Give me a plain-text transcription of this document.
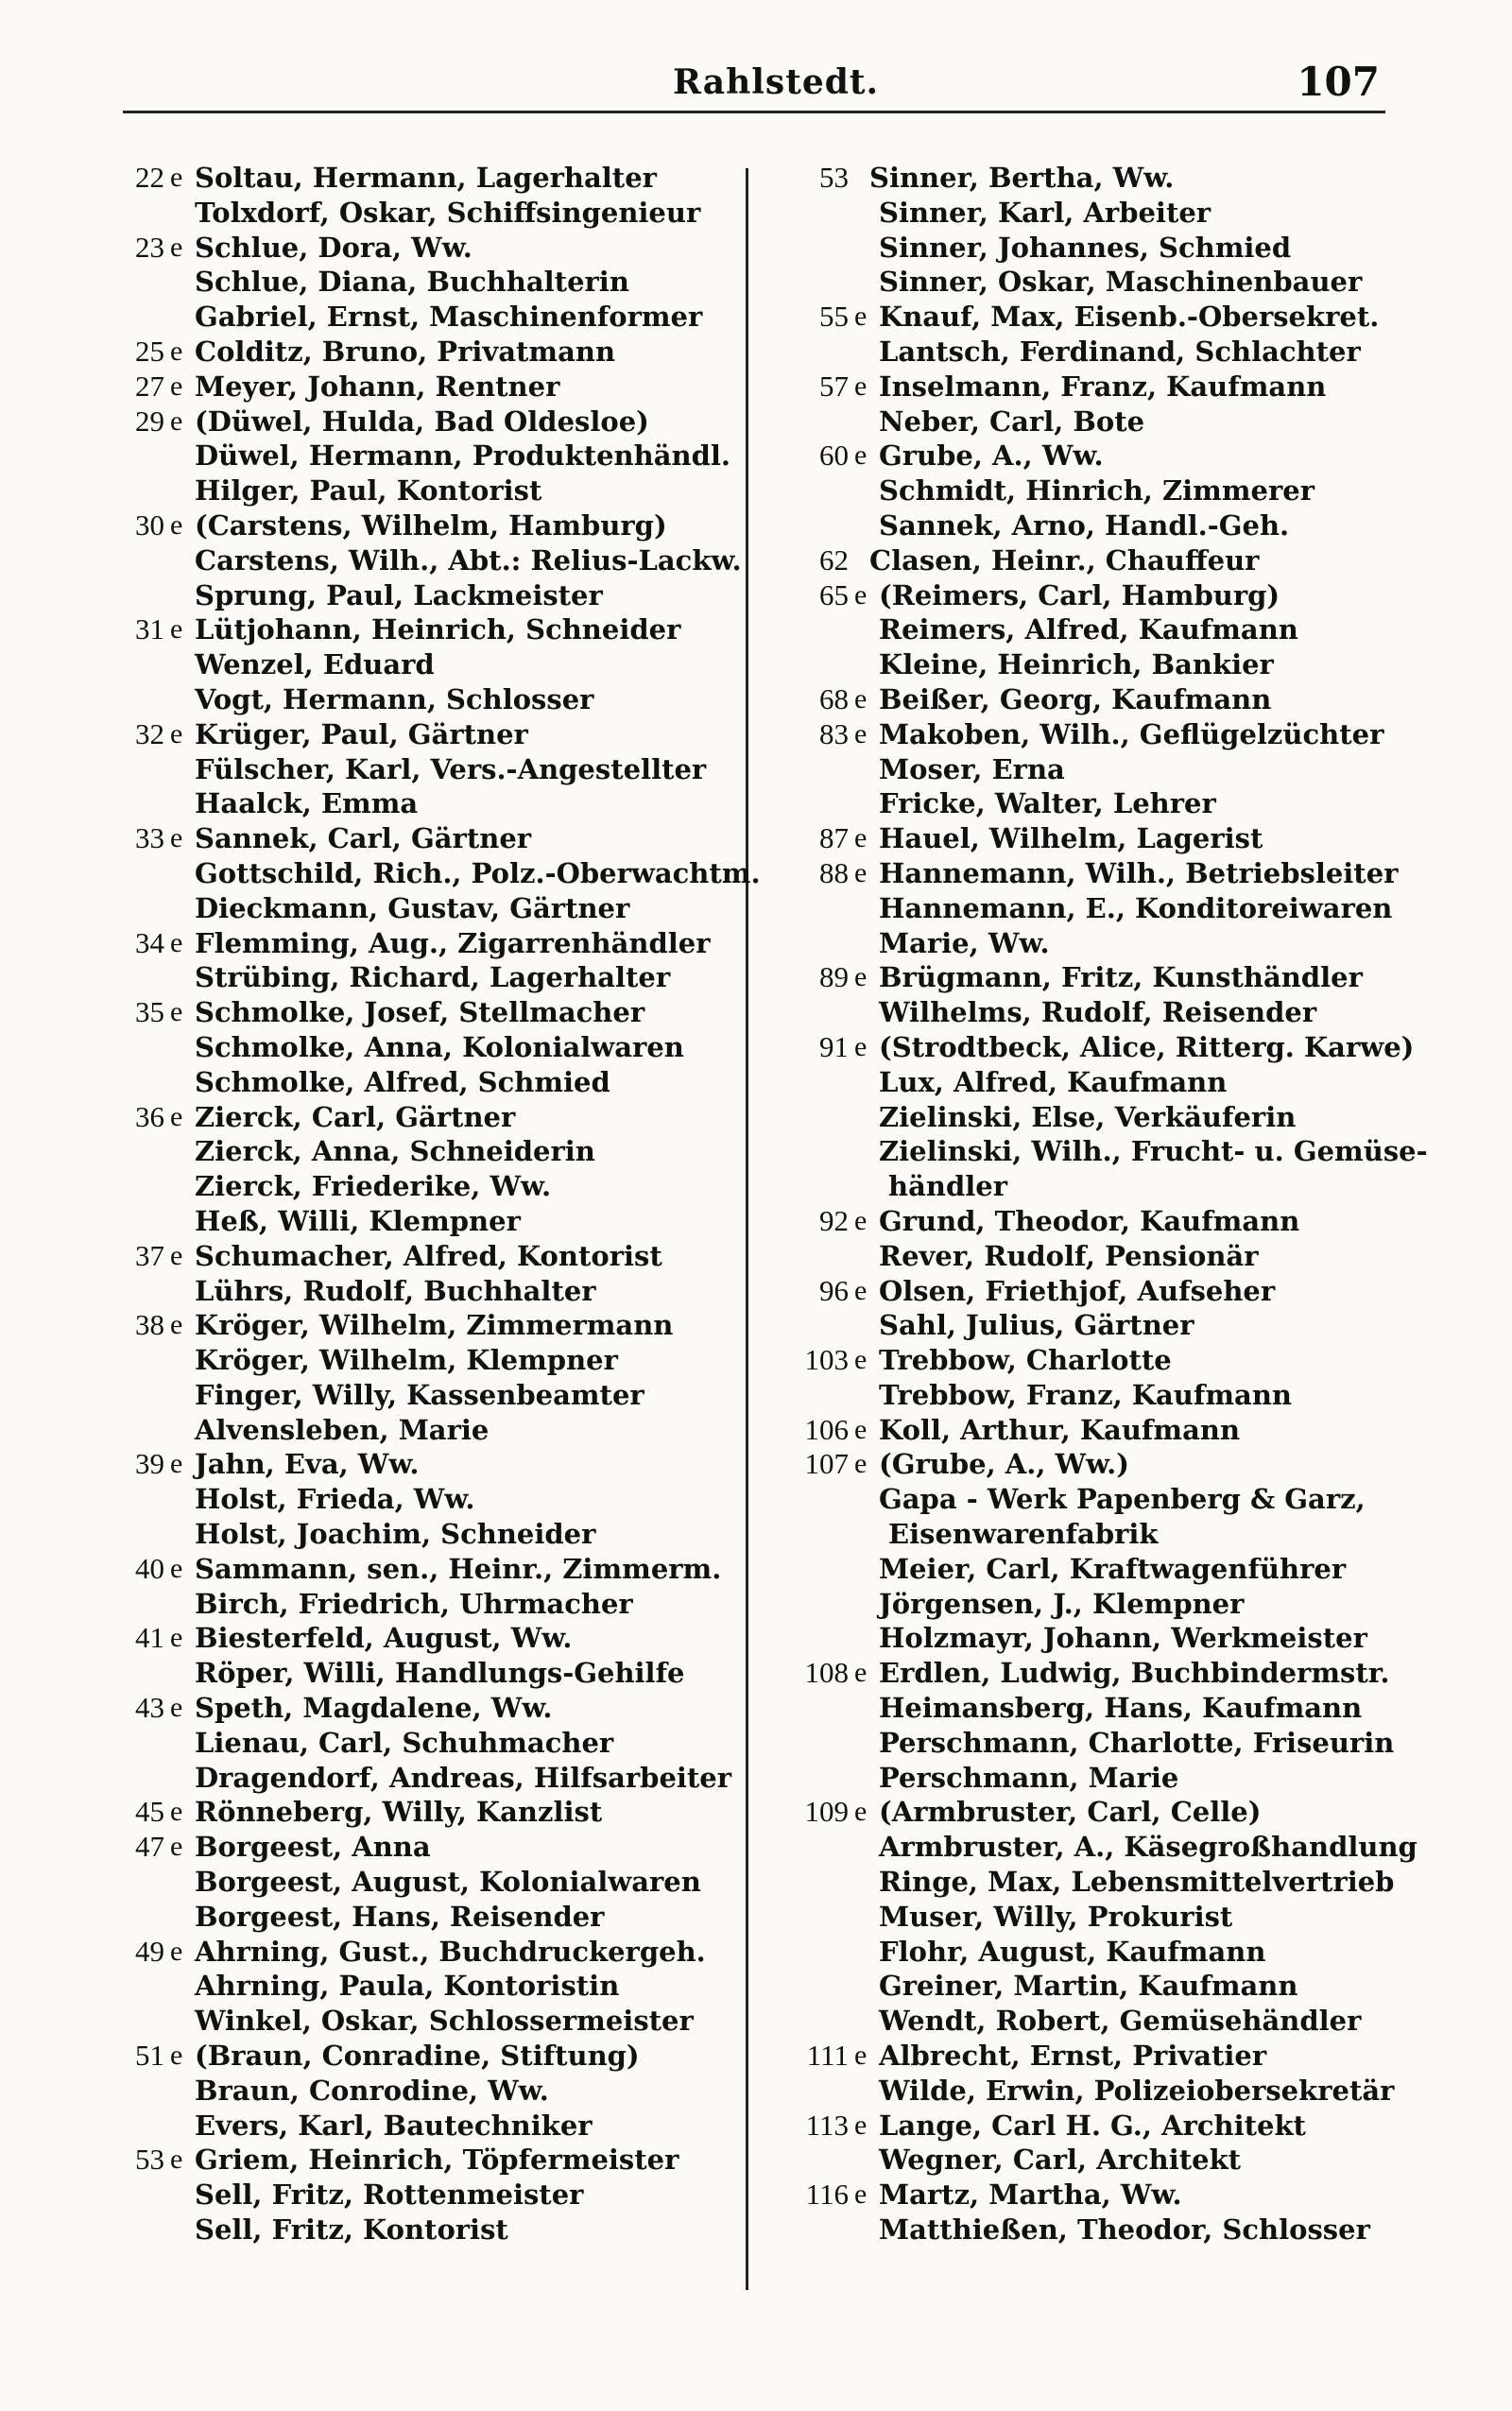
Rahlstedt.	107
22 e Soltau, Hermann, Lagerhalter
Tolxdorf, Oskar, Schiffsingenieur
23 e Schlue, Dora, Ww.
Schlue, Diana, Buchhalterin
Gabriel, Ernst, Maschinenformer
25 e Colditz, Bruno, Privatmann
27 e Meyer, Johann, Rentner
29 e (Düwel, Hulda, Bad Oldesloe)
Düwel, Hermann, Produktenhändl.
Hilger, Paul, Kontorist
30 e (Carstens, Wilhelm, Hamburg)
Carstens, Wilh., Abt.: Relius-Lackw.
Sprung, Paul, Lackmeister
31 e Lütjohann, Heinrich, Schneider
Wenzel, Eduard
Vogt, Hermann, Schlosser
32 e Krüger, Paul, Gärtner
Fülscher, Karl, Vers.-Angestellter
Haalck, Emma
33 e Sannek, Carl, Gärtner
Gottschild, Rich., Polz.-Oberwachtm.
Dieckmann, Gustav, Gärtner
34 e Flemming, Aug., Zigarrenhändler
Strübing, Richard, Lagerhalter
35 e Schmolke, Josef, Stellmacher
Schmolke, Anna, Kolonialwaren
Schmolke, Alfred, Schmied
36 e Zierck, Carl, Gärtner
Zierck, Anna, Schneiderin
Zierck, Friederike, Ww.
Heß, Willi, Klempner
37 e Schumacher, Alfred, Kontorist
Lührs, Rudolf, Buchhalter
38 e Kröger, Wilhelm, Zimmermann
Kröger, Wilhelm, Klempner
Finger, Willy, Kassenbeamter
Alvensleben, Marie
39 e Jahn, Eva, Ww.
Holst, Frieda, Ww.
Holst, Joachim, Schneider
40 e Sammann, sen., Heinr., Zimmerm.
Birch, Friedrich, Uhrmacher
41 e Biesterfeld, August, Ww.
Röper, Willi, Handlungs-Gehilfe
43 e Speth, Magdalene, Ww.
Lienau, Carl, Schuhmacher
Dragendorf, Andreas, Hilfsarbeiter
45 e Rönneberg, Willy, Kanzlist
47 e Borgeest, Anna
Borgeest, August, Kolonialwaren
Borgeest, Hans, Reisender
49 e Ahrning, Gust., Buchdruckergeh.
Ahrning, Paula, Kontoristin
Winkel, Oskar, Schlossermeister
51 e (Braun, Conradine, Stiftung)
Braun, Conrodine, Ww.
Evers, Karl, Bautechniker
53 e Griem, Heinrich, Töpfermeister
Sell, Fritz, Rottenmeister
Sell, Fritz, Kontorist
53 Sinner, Bertha, Ww.
Sinner, Karl, Arbeiter
Sinner, Johannes, Schmied
Sinner, Oskar, Maschinenbauer
55 e Knauf, Max, Eisenb.-Obersekret.
Lantsch, Ferdinand, Schlachter
57 e Inselmann, Franz, Kaufmann
Neber, Carl, Bote
60 e Grube, A., Ww.
Schmidt, Hinrich, Zimmerer
Sannek, Arno, Handl.-Geh.
62 Clasen, Heinr., Chauffeur
65 e (Reimers, Carl, Hamburg)
Reimers, Alfred, Kaufmann
Kleine, Heinrich, Bankier
68 e Beißer, Georg, Kaufmann
83 e Makoben, Wilh., Geflügelzüchter
Moser, Erna
Fricke, Walter, Lehrer
87 e Hauel, Wilhelm, Lagerist
88 e Hannemann, Wilh., Betriebsleiter
Hannemann, E., Konditoreiwaren
Marie, Ww.
89 e Brügmann, Fritz, Kunsthändler
Wilhelms, Rudolf, Reisender
91 e (Strodtbeck, Alice, Ritterg. Karwe)
Lux, Alfred, Kaufmann
Zielinski, Else, Verkäuferin
Zielinski, Wilh., Frucht- u. Gemüse-
händler
92 e Grund, Theodor, Kaufmann
Rever, Rudolf, Pensionär
96 e Olsen, Friethjof, Aufseher
Sahl, Julius, Gärtner
103 e Trebbow, Charlotte
Trebbow, Franz, Kaufmann
106 e Koll, Arthur, Kaufmann
107 e (Grube, A., Ww.)
Gapa - Werk Papenberg & Garz,
Eisenwarenfabrik
Meier, Carl, Kraftwagenführer
Jörgensen, J., Klempner
Holzmayr, Johann, Werkmeister
108 e Erdlen, Ludwig, Buchbindermstr.
Heimansberg, Hans, Kaufmann
Perschmann, Charlotte, Friseurin
Perschmann, Marie
109 e (Armbruster, Carl, Celle)
Armbruster, A., Käsegroßhandlung
Ringe, Max, Lebensmittelvertrieb
Muser, Willy, Prokurist
Flohr, August, Kaufmann
Greiner, Martin, Kaufmann
Wendt, Robert, Gemüsehändler
111 e Albrecht, Ernst, Privatier
Wilde, Erwin, Polizeiobersekretär
113 e Lange, Carl H. G., Architekt
Wegner, Carl, Architekt
116 e Martz, Martha, Ww.
Matthießen, Theodor, Schlosser
